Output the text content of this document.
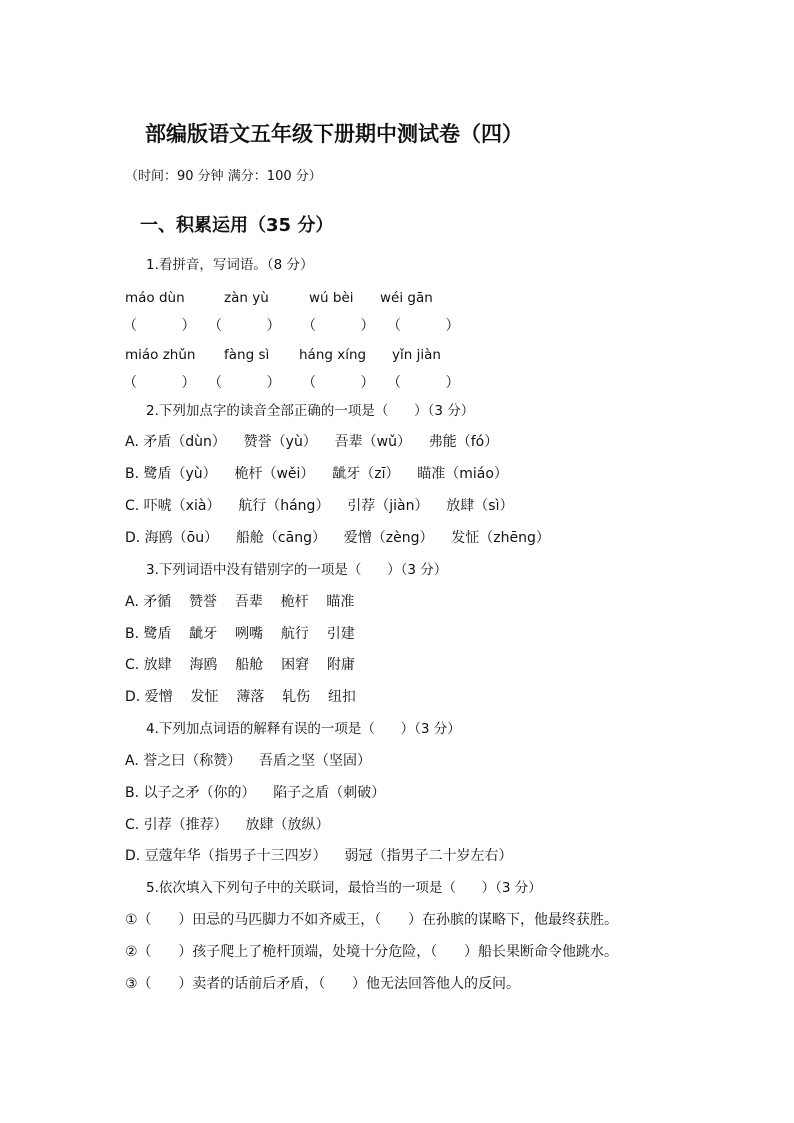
部编版语文五年级下册期中测试卷（四）
（时间：90 分钟 满分：100 分）
一、积累运用（35 分）
1.看拼音，写词语。（8 分）
máo dùn	zàn yù	wú bèi wéi gān
（          ） （          ） （          ） （          ）
miáo zhǔn fàng sì háng xíng yǐn jiàn
（          ） （          ） （          ） （          ）
2.下列加点字的读音全部正确的一项是（      ）（3 分）
A. 矛盾（dùn）    赞誉（yù）    吾辈（wǔ）    弗能（fó）
B. 鹭盾（yù）    桅杆（wěi）    龇牙（zī）    瞄准（miáo）
C. 吓唬（xià）    航行（háng）    引荐（jiàn）    放肆（sì）
D. 海鸥（ōu）    船舱（cāng）    爱憎（zèng）    发怔（zhēng）
3.下列词语中没有错别字的一项是（      ）（3 分）
A. 矛循    赞誉    吾辈    桅杆    瞄准
B. 鹭盾    龇牙    咧嘴    航行    引建
C. 放肆    海鸥    船舱    困窘    附庸
D. 爱憎    发怔    薄落    轧伤    纽扣
4.下列加点词语的解释有误的一项是（      ）（3 分）
A. 誉之曰（称赞）    吾盾之坚（坚固）
B. 以子之矛（你的）    陷子之盾（刺破）
C. 引荐（推荐）    放肆（放纵）
D. 豆蔻年华（指男子十三四岁）    弱冠（指男子二十岁左右）
5.依次填入下列句子中的关联词，最恰当的一项是（      ）（3 分）
①（      ）田忌的马匹脚力不如齐威王，（      ）在孙膑的谋略下，他最终获胜。
②（      ）孩子爬上了桅杆顶端，处境十分危险，（      ）船长果断命令他跳水。
③（      ）卖者的话前后矛盾，（      ）他无法回答他人的反问。
